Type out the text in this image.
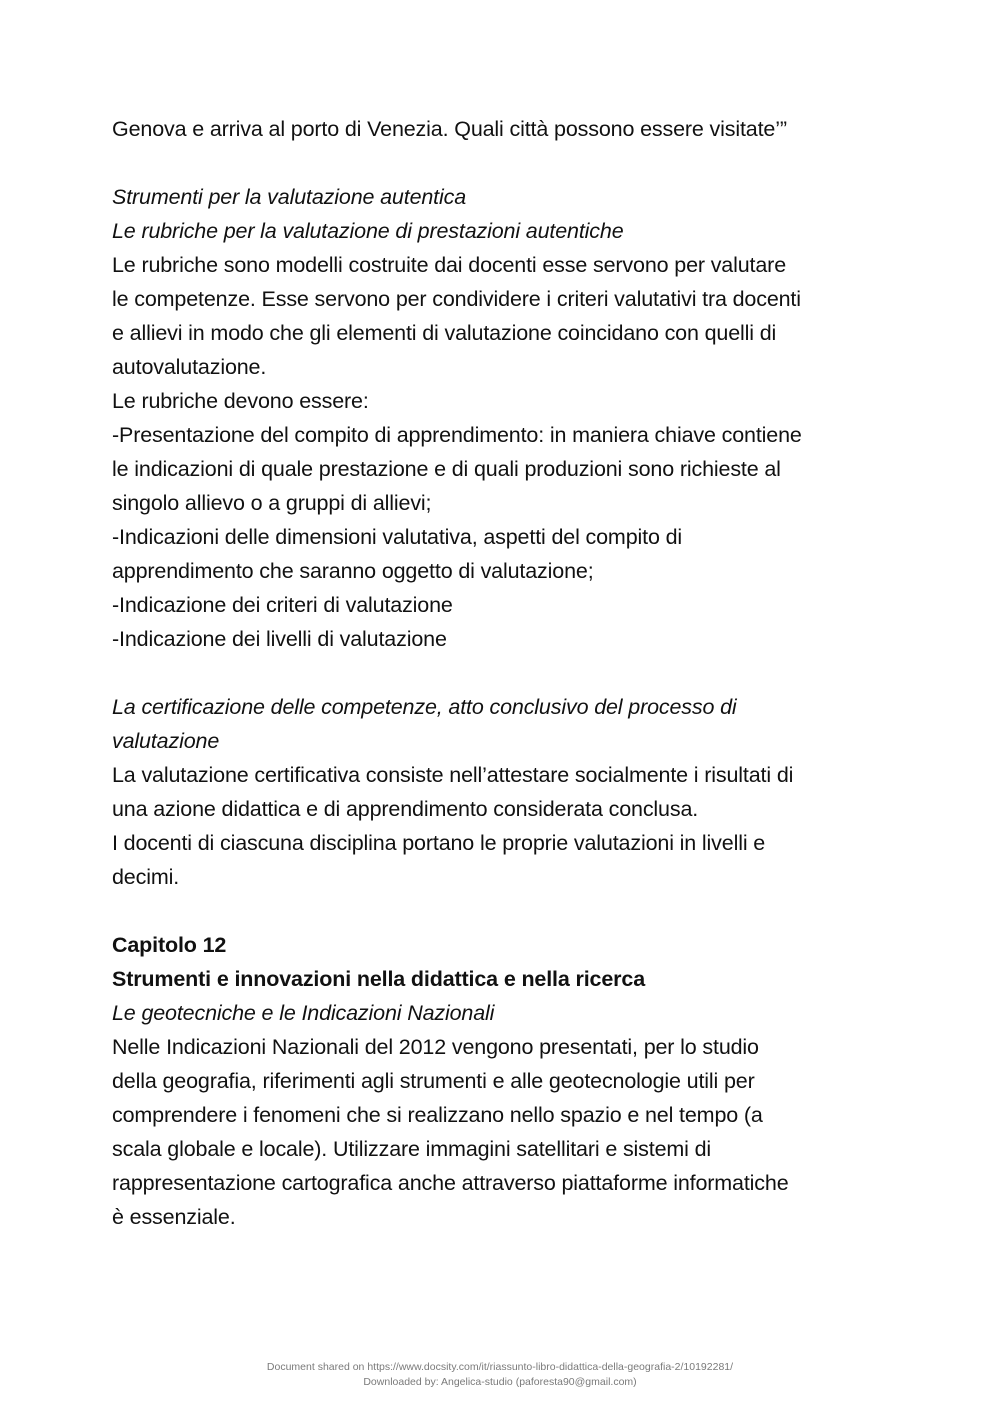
Genova e arriva al porto di Venezia. Quali città possono essere visitate’”
Strumenti per la valutazione autentica
Le rubriche per la valutazione di prestazioni autentiche
Le rubriche sono modelli costruite dai docenti esse servono per valutare
le competenze. Esse servono per condividere i criteri valutativi tra docenti
e allievi in modo che gli elementi di valutazione coincidano con quelli di
autovalutazione.
Le rubriche devono essere:
-Presentazione del compito di apprendimento: in maniera chiave contiene
le indicazioni di quale prestazione e di quali produzioni sono richieste al
singolo allievo o a gruppi di allievi;
-Indicazioni delle dimensioni valutativa, aspetti del compito di
apprendimento che saranno oggetto di valutazione;
-Indicazione dei criteri di valutazione
-Indicazione dei livelli di valutazione
La certificazione delle competenze, atto conclusivo del processo di
valutazione
La valutazione certificativa consiste nell’attestare socialmente i risultati di
una azione didattica e di apprendimento considerata conclusa.
I docenti di ciascuna disciplina portano le proprie valutazioni in livelli e
decimi.
Capitolo 12
Strumenti e innovazioni nella didattica e nella ricerca
Le geotecniche e le Indicazioni Nazionali
Nelle Indicazioni Nazionali del 2012 vengono presentati, per lo studio
della geografia, riferimenti agli strumenti e alle geotecnologie utili per
comprendere i fenomeni che si realizzano nello spazio e nel tempo (a
scala globale e locale). Utilizzare immagini satellitari e sistemi di
rappresentazione cartografica anche attraverso piattaforme informatiche
è essenziale.
Document shared on https://www.docsity.com/it/riassunto-libro-didattica-della-geografia-2/10192281/
Downloaded by: Angelica-studio (paforesta90@gmail.com)
